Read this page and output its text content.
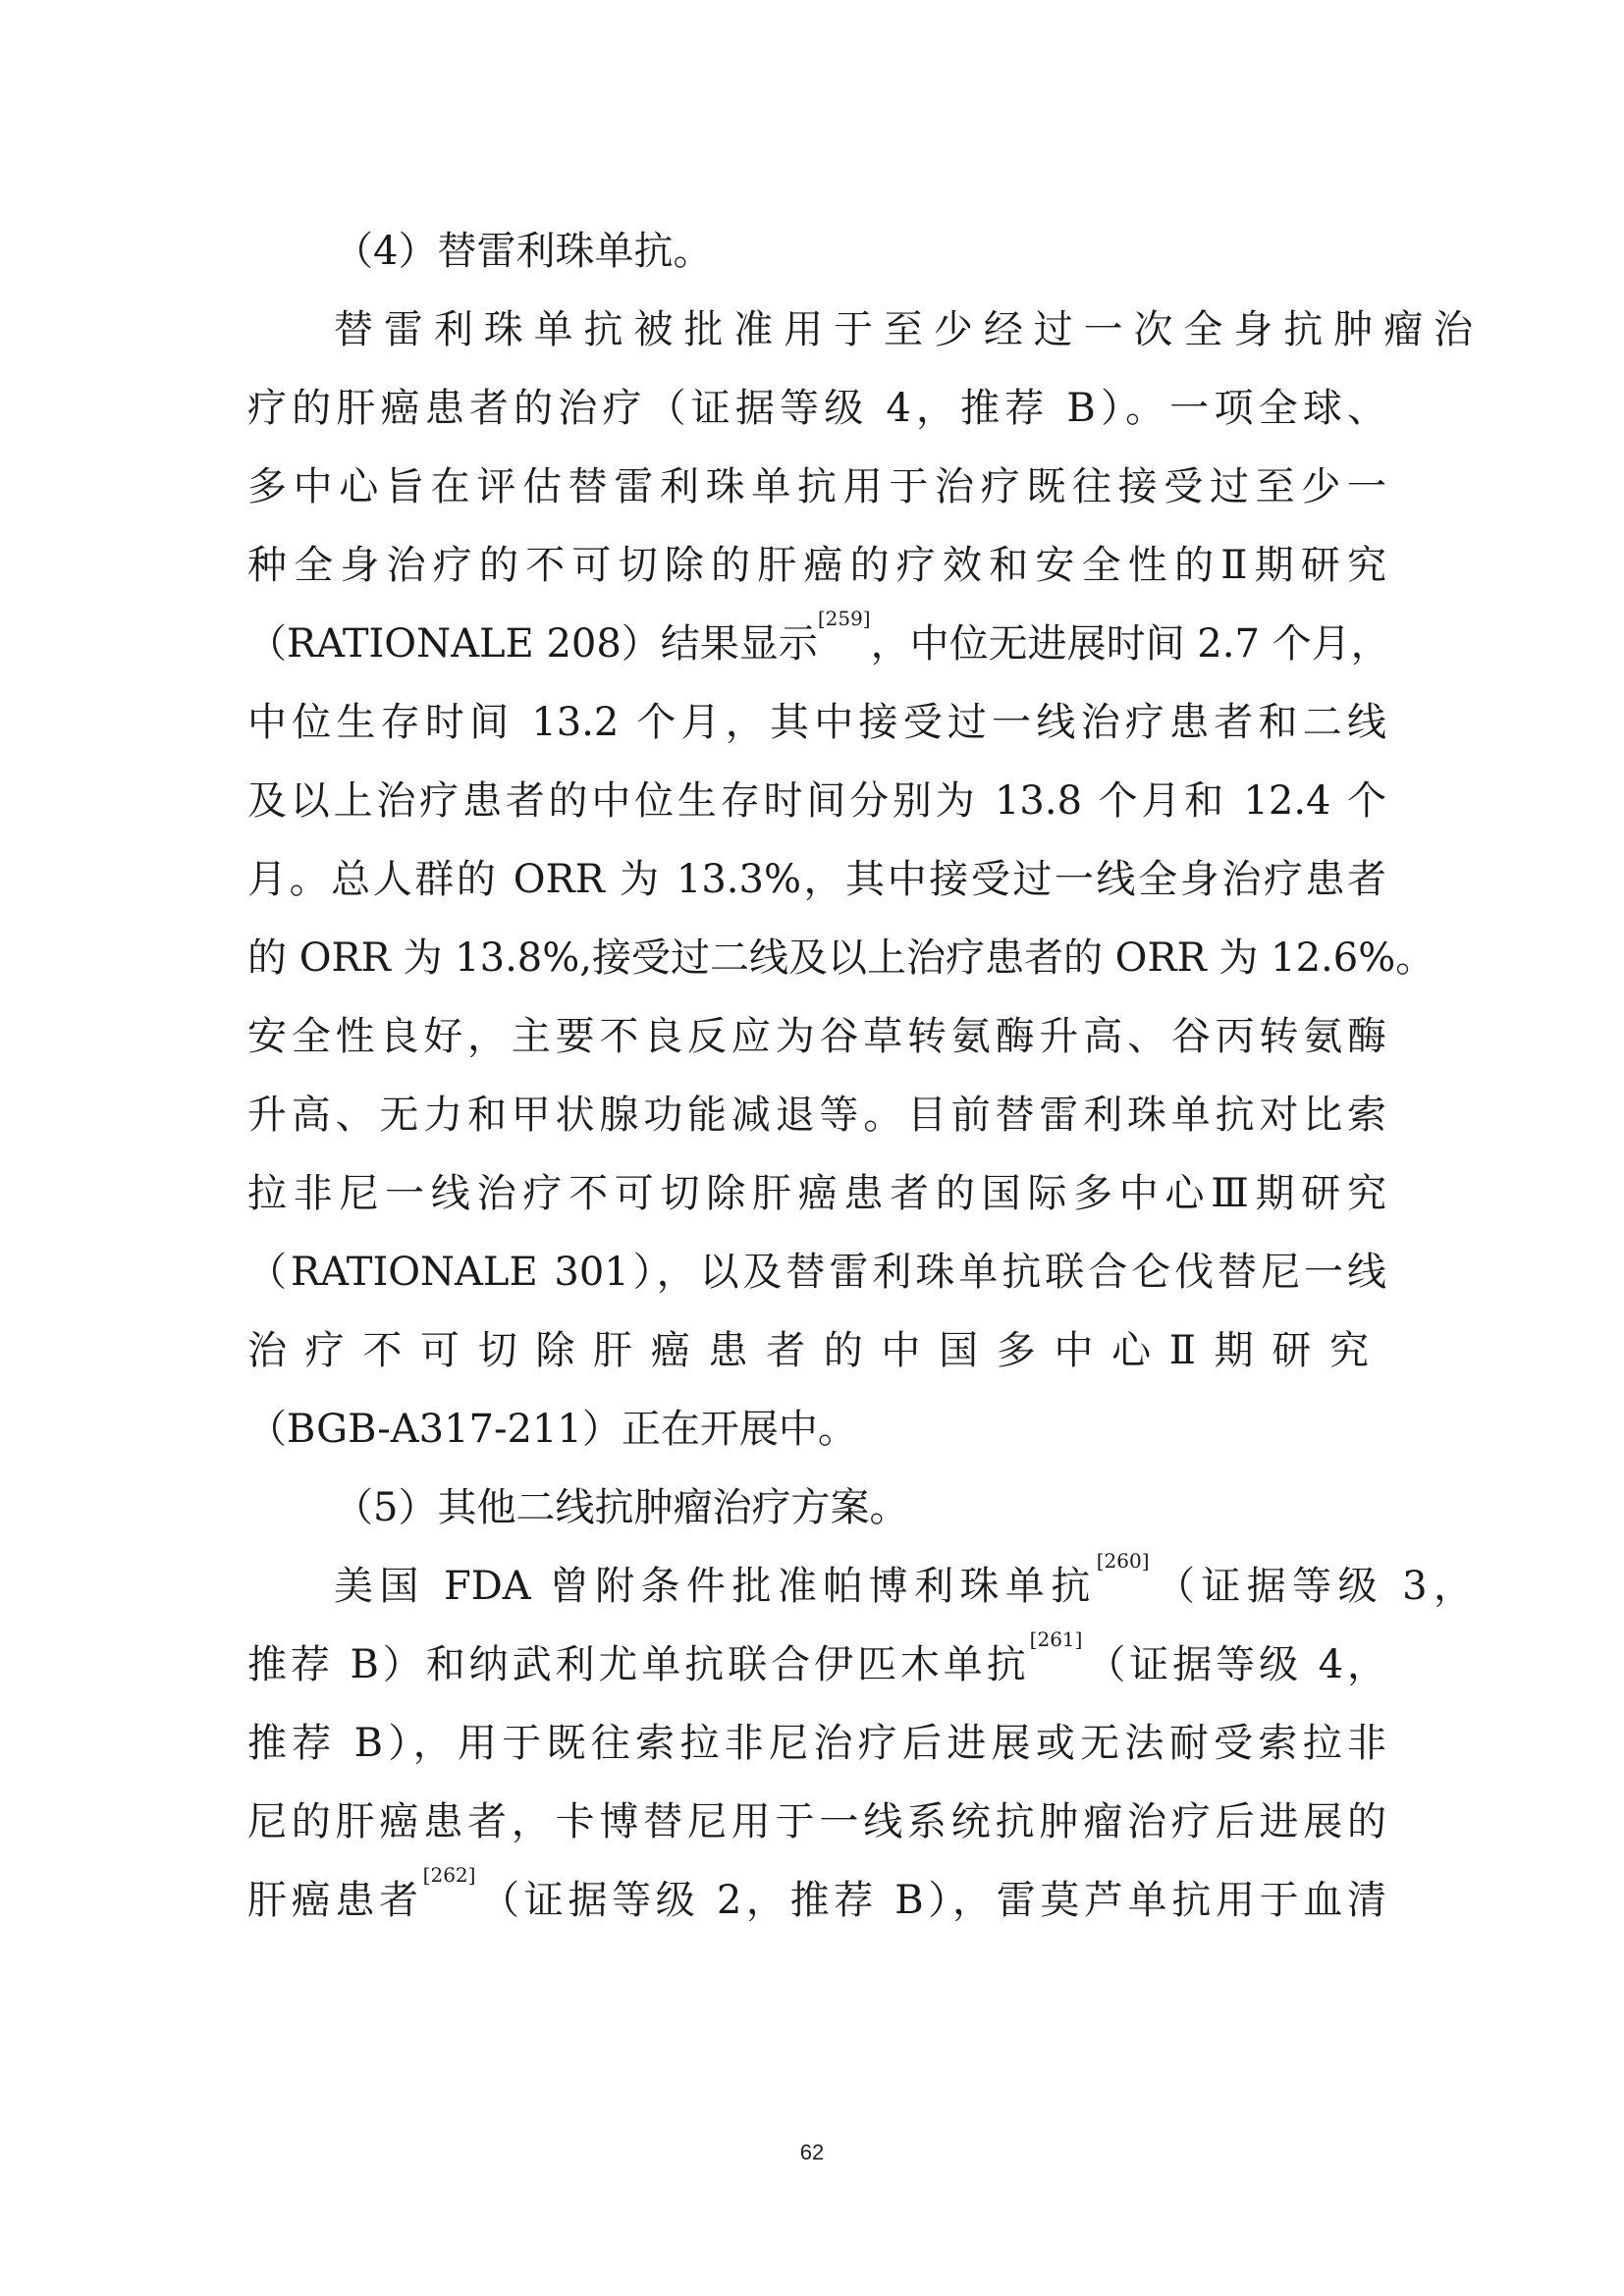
（4）替雷利珠单抗。
替雷利珠单抗被批准用于至少经过一次全身抗肿瘤治
疗的肝癌患者的治疗（证据等级 4，推荐 B）。一项全球、
多中心旨在评估替雷利珠单抗用于治疗既往接受过至少一
种全身治疗的不可切除的肝癌的疗效和安全性的Ⅱ期研究
（RATIONALE 208）结果显示[259]，中位无进展时间 2.7 个月，
中位生存时间 13.2 个月，其中接受过一线治疗患者和二线
及以上治疗患者的中位生存时间分别为 13.8 个月和 12.4 个
月。总人群的 ORR 为 13.3%，其中接受过一线全身治疗患者
的 ORR 为 13.8%,接受过二线及以上治疗患者的 ORR 为 12.6%。
安全性良好，主要不良反应为谷草转氨酶升高、谷丙转氨酶
升高、无力和甲状腺功能减退等。目前替雷利珠单抗对比索
拉非尼一线治疗不可切除肝癌患者的国际多中心Ⅲ期研究
（RATIONALE 301），以及替雷利珠单抗联合仑伐替尼一线
治疗不可切除肝癌患者的中国多中心Ⅱ期研究
（BGB-A317-211）正在开展中。
（5）其他二线抗肿瘤治疗方案。
美国 FDA 曾附条件批准帕博利珠单抗[260]（证据等级 3，
推荐 B）和纳武利尤单抗联合伊匹木单抗[261]（证据等级 4，
推荐 B），用于既往索拉非尼治疗后进展或无法耐受索拉非
尼的肝癌患者，卡博替尼用于一线系统抗肿瘤治疗后进展的
肝癌患者[262]（证据等级 2，推荐 B），雷莫芦单抗用于血清
62
